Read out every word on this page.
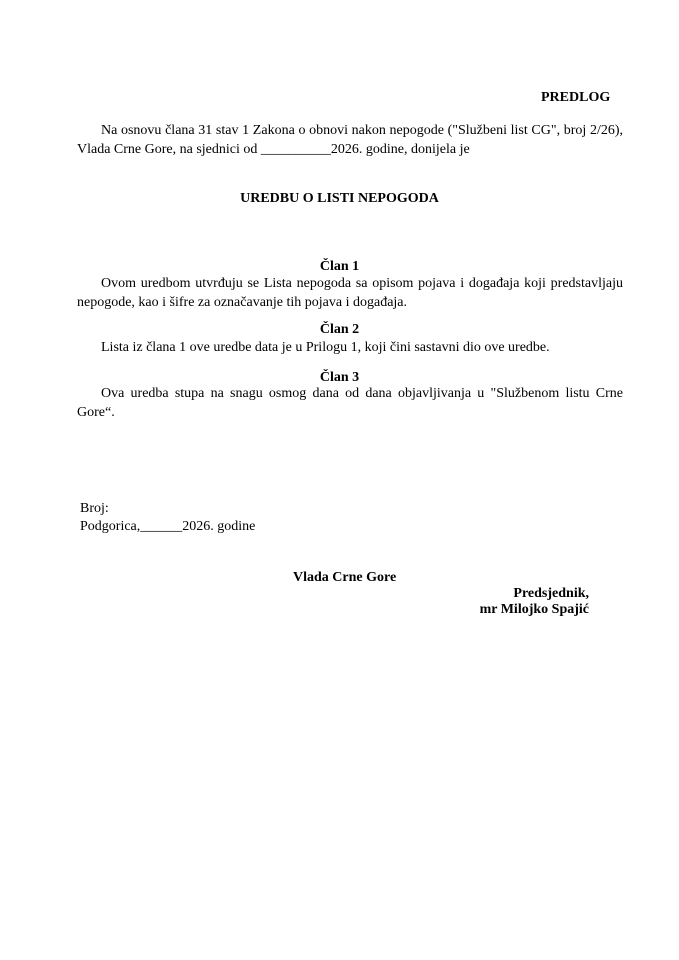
PREDLOG

Na osnovu člana 31 stav 1 Zakona o obnovi nakon nepogode ("Službeni list CG", broj 2/26), Vlada Crne Gore, na sjednici od __________2026. godine, donijela je

UREDBU O LISTI NEPOGODA

Član 1

Ovom uredbom utvrđuju se Lista nepogoda sa opisom pojava i događaja koji predstavljaju nepogode, kao i šifre za označavanje tih pojava i događaja.

Član 2

Lista iz člana 1 ove uredbe data je u Prilogu 1, koji čini sastavni dio ove uredbe.

Član 3

Ova uredba stupa na snagu osmog dana od dana objavljivanja u "Službenom listu Crne Gore“.

Broj:
Podgorica,______2026. godine
Vlada Crne Gore
Predsjednik,
mr Milojko Spajić
